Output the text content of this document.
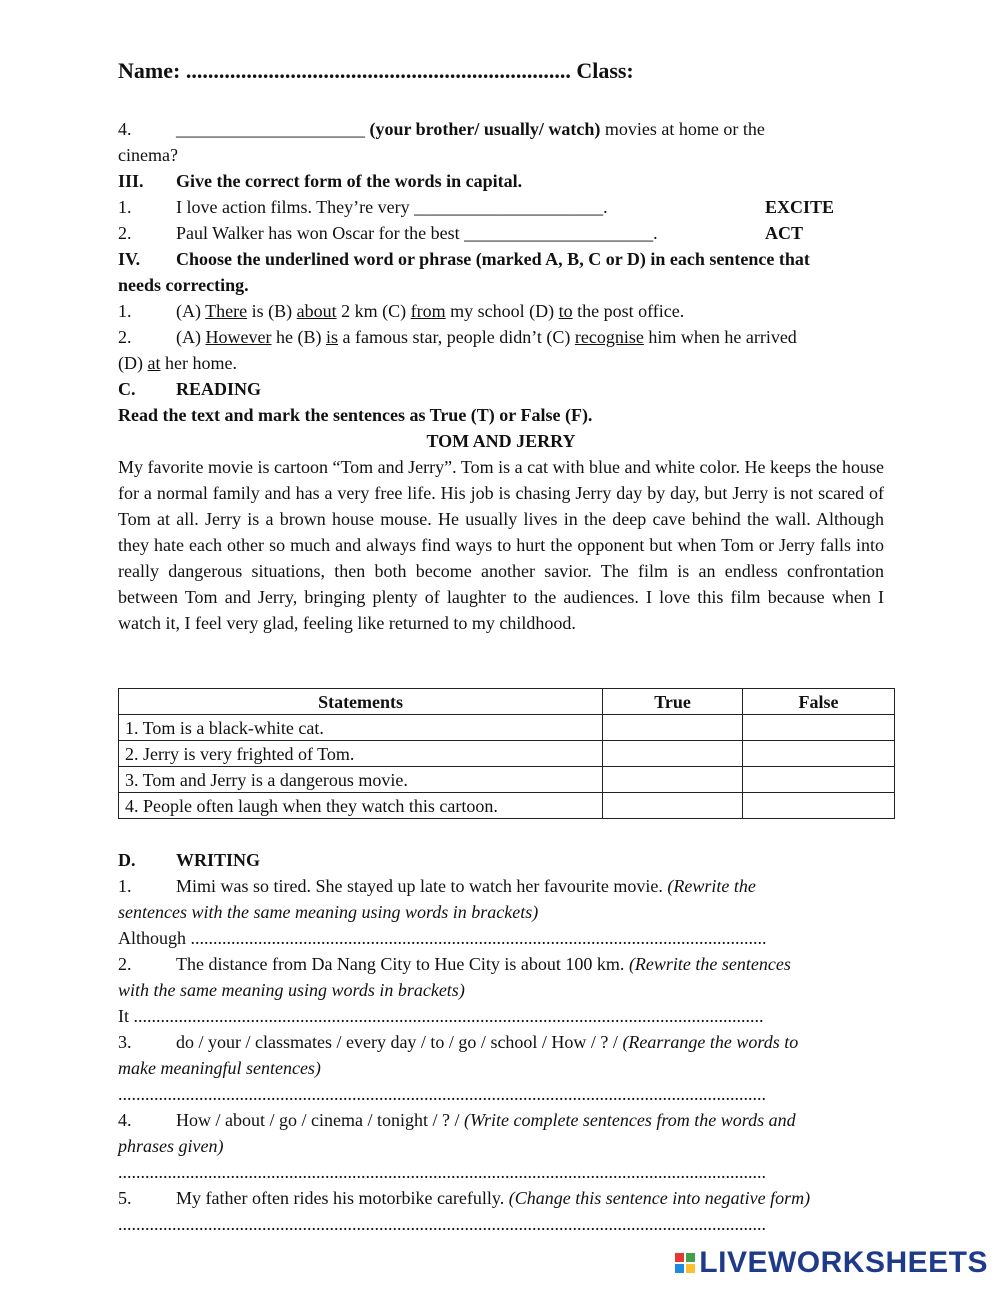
Name: ...................................................................... Class:
4. _____________________ (your brother/ usually/ watch) movies at home or the
cinema?
III. Give the correct form of the words in capital.
1. I love action films. They’re very _____________________.	EXCITE
2. Paul Walker has won Oscar for the best _____________________.	ACT
IV. Choose the underlined word or phrase (marked A, B, C or D) in each sentence that
needs correcting.
1. (A) There is (B) about 2 km (C) from my school (D) to the post office.
2. (A) However he (B) is a famous star, people didn’t (C) recognise him when he arrived
(D) at her home.
C. READING
Read the text and mark the sentences as True (T) or False (F).
TOM AND JERRY
My favorite movie is cartoon “Tom and Jerry”. Tom is a cat with blue and white color. He keeps the house for a normal family and has a very free life. His job is chasing Jerry day by day, but Jerry is not scared of Tom at all. Jerry is a brown house mouse. He usually lives in the deep cave behind the wall. Although they hate each other so much and always find ways to hurt the opponent but when Tom or Jerry falls into really dangerous situations, then both become another savior. The film is an endless confrontation between Tom and Jerry, bringing plenty of laughter to the audiences. I love this film because when I watch it, I feel very glad, feeling like returned to my childhood.
Statements	True	False
1. Tom is a black-white cat.		
2. Jerry is very frighted of Tom.		
3. Tom and Jerry is a dangerous movie.		
4. People often laugh when they watch this cartoon.		
D. WRITING
1. Mimi was so tired. She stayed up late to watch her favourite movie. (Rewrite the
sentences with the same meaning using words in brackets)
Although ................................................................................................................................
2. The distance from Da Nang City to Hue City is about 100 km. (Rewrite the sentences
with the same meaning using words in brackets)
It ............................................................................................................................................
3. do / your / classmates / every day / to / go / school / How / ? / (Rearrange the words to
make meaningful sentences)
................................................................................................................................................
4. How / about / go / cinema / tonight / ? / (Write complete sentences from the words and
phrases given)
................................................................................................................................................
5. My father often rides his motorbike carefully. (Change this sentence into negative form)
................................................................................................................................................
LIVEWORKSHEETS
